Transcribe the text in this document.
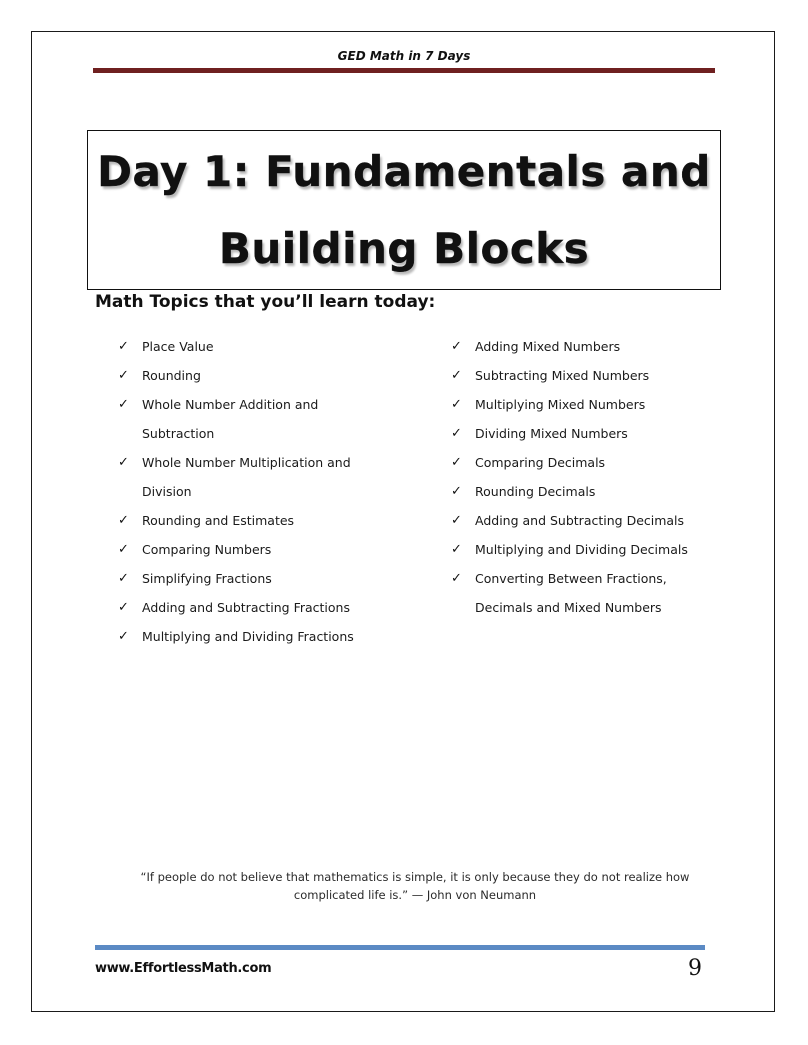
GED Math in 7 Days
Day 1: Fundamentals and
Building Blocks
Math Topics that you’ll learn today:
✓ Place Value
✓ Rounding
✓ Whole Number Addition and
Subtraction
✓ Whole Number Multiplication and
Division
✓ Rounding and Estimates
✓ Comparing Numbers
✓ Simplifying Fractions
✓ Adding and Subtracting Fractions
✓ Multiplying and Dividing Fractions
✓ Adding Mixed Numbers
✓ Subtracting Mixed Numbers
✓ Multiplying Mixed Numbers
✓ Dividing Mixed Numbers
✓ Comparing Decimals
✓ Rounding Decimals
✓ Adding and Subtracting Decimals
✓ Multiplying and Dividing Decimals
✓ Converting Between Fractions,
Decimals and Mixed Numbers
“If people do not believe that mathematics is simple, it is only because they do not realize how complicated life is.” — John von Neumann
www.EffortlessMath.com	9
